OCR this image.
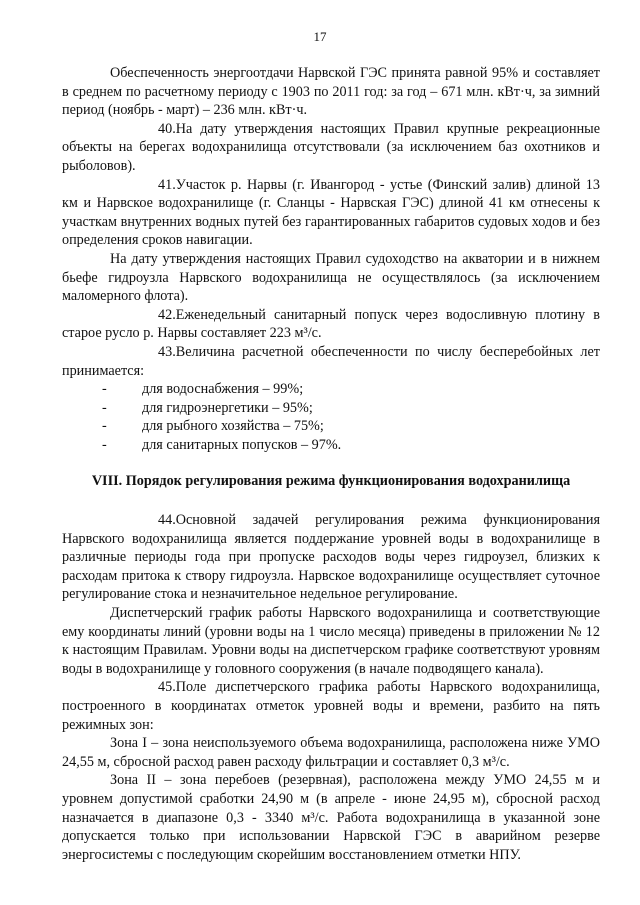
17

Обеспеченность энергоотдачи Нарвской ГЭС принята равной 95% и составляет в среднем по расчетному периоду с 1903 по 2011 год: за год – 671 млн. кВт·ч, за зимний период (ноябрь - март) – 236 млн. кВт·ч.

40.На дату утверждения настоящих Правил крупные рекреационные объекты на берегах водохранилища отсутствовали (за исключением баз охотников и рыболовов).

41.Участок р. Нарвы (г. Ивангород - устье (Финский залив) длиной 13 км и Нарвское водохранилище (г. Сланцы - Нарвская ГЭС) длиной 41 км отнесены к участкам внутренних водных путей без гарантированных габаритов судовых ходов и без определения сроков навигации.

На дату утверждения настоящих Правил судоходство на акватории и в нижнем бьефе гидроузла Нарвского водохранилища не осуществлялось (за исключением маломерного флота).

42.Еженедельный санитарный попуск через водосливную плотину в старое русло р. Нарвы составляет 223 м³/с.

43.Величина расчетной обеспеченности по числу бесперебойных лет принимается:

- для водоснабжения – 99%;
- для гидроэнергетики – 95%;
- для рыбного хозяйства – 75%;
- для санитарных попусков – 97%.
VIII. Порядок регулирования режима функционирования водохранилища

44.Основной задачей регулирования режима функционирования Нарвского водохранилища является поддержание уровней воды в водохранилище в различные периоды года при пропуске расходов воды через гидроузел, близких к расходам притока к створу гидроузла. Нарвское водохранилище осуществляет суточное регулирование стока и незначительное недельное регулирование.

Диспетчерский график работы Нарвского водохранилища и соответствующие ему координаты линий (уровни воды на 1 число месяца) приведены в приложении № 12 к настоящим Правилам. Уровни воды на диспетчерском графике соответствуют уровням воды в водохранилище у головного сооружения (в начале подводящего канала).

45.Поле диспетчерского графика работы Нарвского водохранилища, построенного в координатах отметок уровней воды и времени, разбито на пять режимных зон:

Зона I – зона неиспользуемого объема водохранилища, расположена ниже УМО 24,55 м, сбросной расход равен расходу фильтрации и составляет 0,3 м³/с.

Зона II – зона перебоев (резервная), расположена между УМО 24,55 м и уровнем допустимой сработки 24,90 м (в апреле - июне 24,95 м), сбросной расход назначается в диапазоне 0,3 - 3340 м³/с. Работа водохранилища в указанной зоне допускается только при использовании Нарвской ГЭС в аварийном резерве энергосистемы с последующим скорейшим восстановлением отметки НПУ.
